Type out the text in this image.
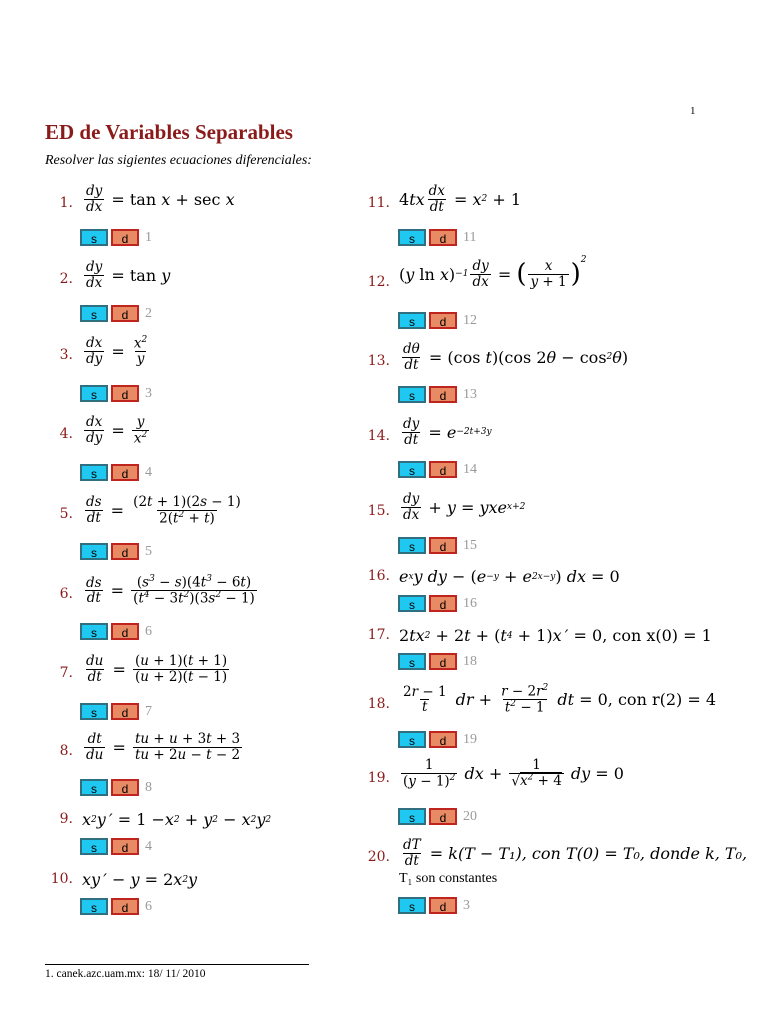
1
ED de Variables Separables
Resolver las sigientes ecuaciones diferenciales:
1. $\frac{dy}{dx}$
= tan x + sec x
s	d	1
2. $\frac{dy}{dx}$
= tan y
s	d	2
3. $\frac{dx}{dy}$
=
$\frac{x^2}{y}$
s	d	3
4. $\frac{dx}{dy}$
=
$\frac{y}{x^2}$
s	d	4
5. $\frac{ds}{dt}$
=
$\frac{(2t + 1)(2s - 1)}{2(t^2 + t)}$
s	d	5
6. $\frac{ds}{dt}$
=
$\frac{(s^3 - s)(4t^3 - 6t)}{(t^4 - 3t^2)(3s^2 - 1)}$
s	d	6
7. $\frac{du}{dt}$
=
$\frac{(u + 1)(t + 1)}{(u + 2)(t - 1)}$
s	d	7
8. $\frac{dt}{du}$
=
$\frac{tu + u + 3t + 3}{tu + 2u - t - 2}$
s	d	8
9. x 2 y ′ = 1 − x 2 + y 2 − x 2 y 2
s	d	4
10. xy ′ − y = 2 x 2 y
s	d	6
11. 4 tx $\frac{dx}{dt}$
= x 2 + 1
s	d	11
12. ( y ln x ) $-1 \frac{dy}{dx}$
=
( $\frac{x}{y + 1} )^2$
s	d	12
13. $\frac{d\theta}{dt}$
= (cos t )(cos 2 θ − cos 2 θ )
s	d	13
14. $\frac{dy}{dt}$
= e −2t+3y
s	d	14
15. $\frac{dy}{dx} + y$ = yxe x+2
s	d	15
16. e x y dy − ( e −y + e 2x−y ) dx = 0
s	d	16
17. 2 tx 2 + 2 t + ( t 4 + 1) x ′ = 0 , con x(0) = 1
s	d	18
18. $\frac{2r - 1}{t}$ dr + $\frac{r - 2r^2}{t^2 - 1}$ dt = 0 , con r(2) = 4
s	d	19
19. $\frac{1}{(y - 1)^2}$ dx + $\frac{1}{√x^2 + 4}$ dy = 0
s	d	20
20. $\frac{dT}{dt}$
= k(T − T₁), con T(0) = T₀, donde k, T₀,
T₁ son constantes
s	d	3
1. canek.azc.uam.mx: 18/ 11/ 2010
